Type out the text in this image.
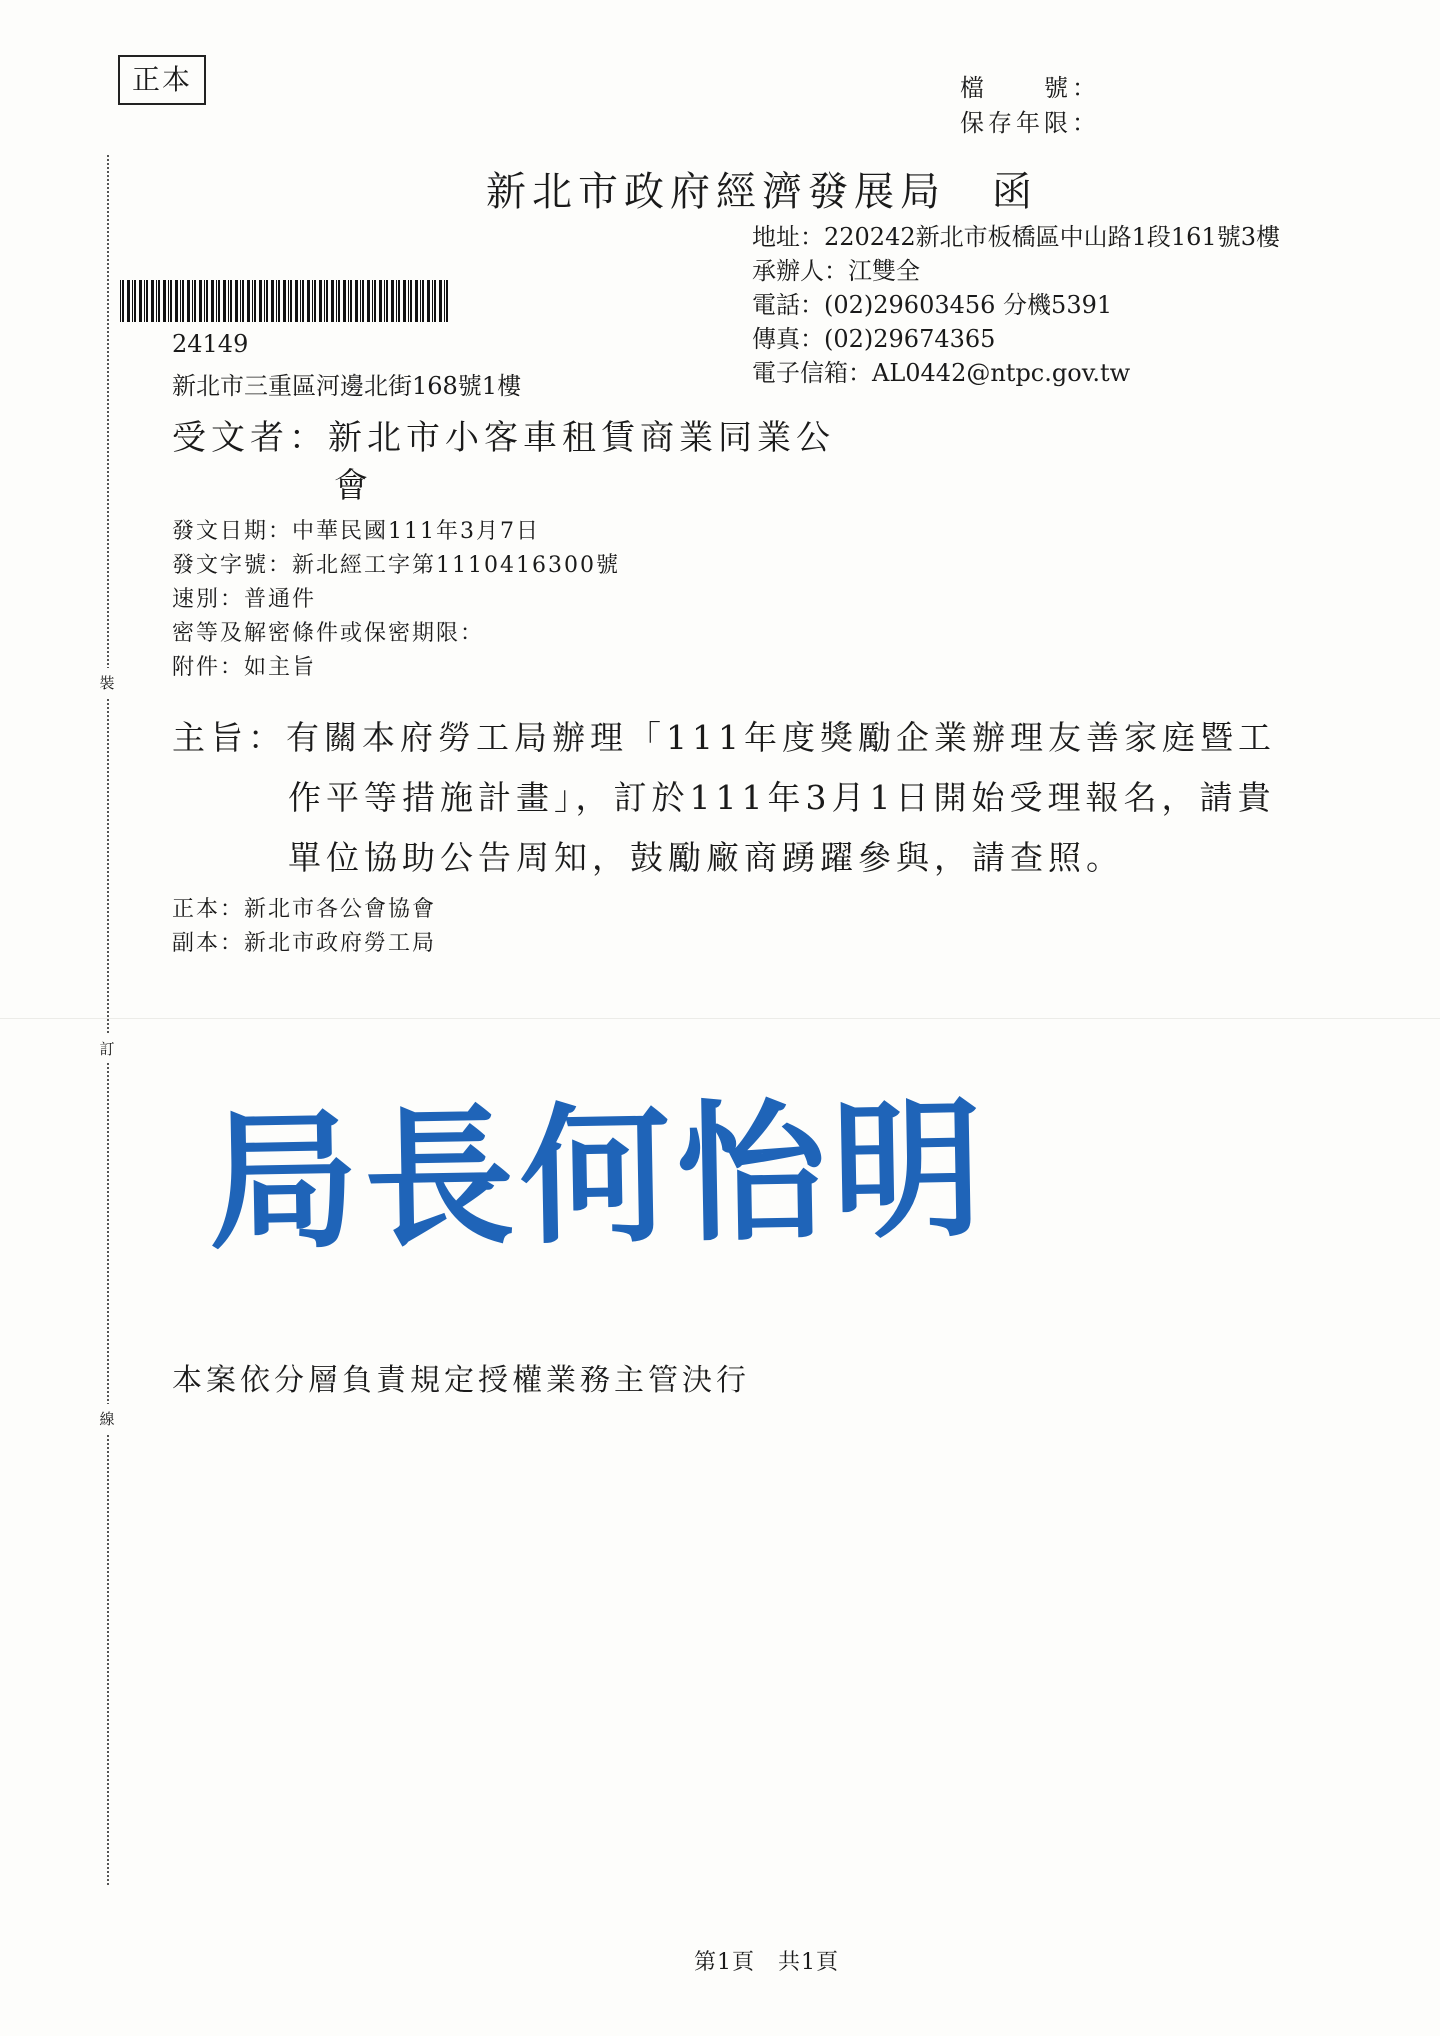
正本
裝
訂
線
檔　　號：
保存年限：
新北市政府經濟發展局　函
地址：220242新北市板橋區中山路1段161號3樓
承辦人：江雙全
電話：(02)29603456 分機5391
傳真：(02)29674365
電子信箱：AL0442@ntpc.gov.tw
24149
新北市三重區河邊北街168號1樓
受文者：新北市小客車租賃商業同業公
會
發文日期：中華民國111年3月7日
發文字號：新北經工字第1110416300號
速別：普通件
密等及解密條件或保密期限：
附件：如主旨
主旨：有關本府勞工局辦理「111年度獎勵企業辦理友善家庭暨工
作平等措施計畫」，訂於111年3月1日開始受理報名，請貴
單位協助公告周知，鼓勵廠商踴躍參與，請查照。
正本：新北市各公會協會
副本：新北市政府勞工局
局長何怡明
本案依分層負責規定授權業務主管決行
第1頁　共1頁
